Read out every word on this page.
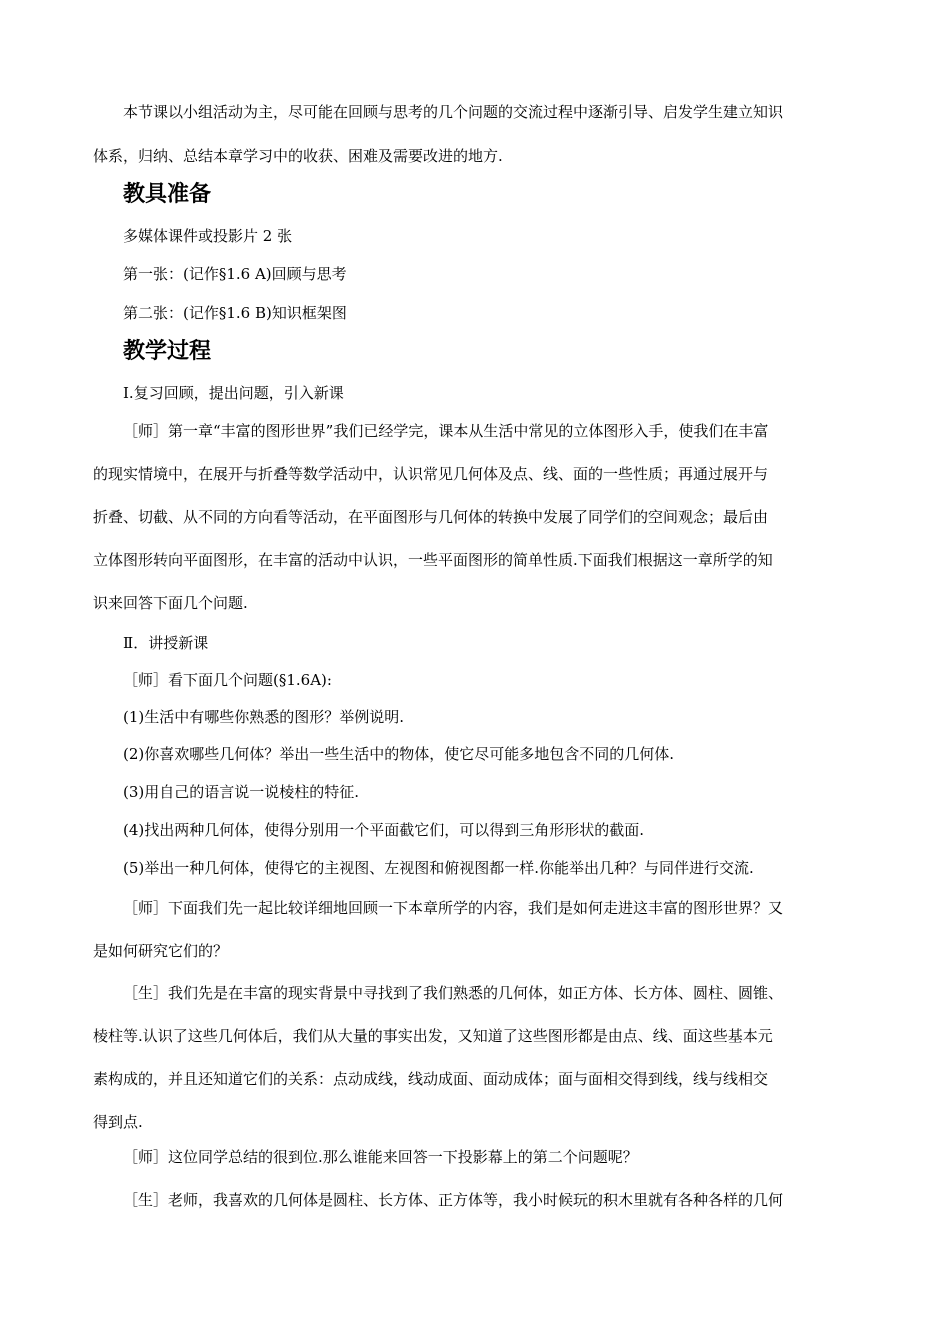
本节课以小组活动为主，尽可能在回顾与思考的几个问题的交流过程中逐渐引导、启发学生建立知识
体系，归纳、总结本章学习中的收获、困难及需要改进的地方.
教具准备
多媒体课件或投影片 2 张
第一张：(记作§1.6 A)回顾与思考
第二张：(记作§1.6 B)知识框架图
教学过程
Ⅰ.复习回顾，提出问题，引入新课
［师］第一章“丰富的图形世界”我们已经学完，课本从生活中常见的立体图形入手，使我们在丰富
的现实情境中，在展开与折叠等数学活动中，认识常见几何体及点、线、面的一些性质；再通过展开与
折叠、切截、从不同的方向看等活动，在平面图形与几何体的转换中发展了同学们的空间观念；最后由
立体图形转向平面图形，在丰富的活动中认识，一些平面图形的简单性质.下面我们根据这一章所学的知
识来回答下面几个问题.
Ⅱ．讲授新课
［师］看下面几个问题(§1.6A):
(1)生活中有哪些你熟悉的图形？举例说明.
(2)你喜欢哪些几何体？举出一些生活中的物体，使它尽可能多地包含不同的几何体.
(3)用自己的语言说一说棱柱的特征.
(4)找出两种几何体，使得分别用一个平面截它们，可以得到三角形形状的截面.
(5)举出一种几何体，使得它的主视图、左视图和俯视图都一样.你能举出几种？与同伴进行交流.
［师］下面我们先一起比较详细地回顾一下本章所学的内容，我们是如何走进这丰富的图形世界？又
是如何研究它们的？
［生］我们先是在丰富的现实背景中寻找到了我们熟悉的几何体，如正方体、长方体、圆柱、圆锥、
棱柱等.认识了这些几何体后，我们从大量的事实出发，又知道了这些图形都是由点、线、面这些基本元
素构成的，并且还知道它们的关系：点动成线，线动成面、面动成体；面与面相交得到线，线与线相交
得到点.
［师］这位同学总结的很到位.那么谁能来回答一下投影幕上的第二个问题呢？
［生］老师，我喜欢的几何体是圆柱、长方体、正方体等，我小时候玩的积木里就有各种各样的几何
